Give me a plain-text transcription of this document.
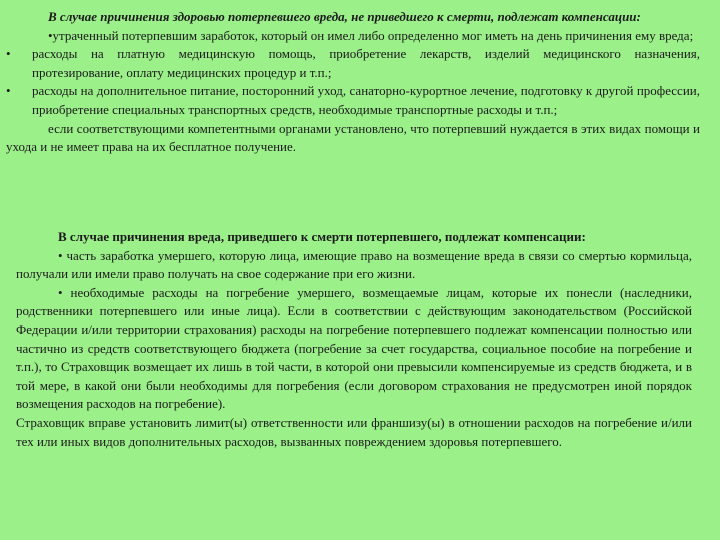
В случае причинения здоровью потерпевшего вреда, не приведшего к смерти, подлежат компенсации:

•утраченный потерпевшим заработок, который он имел либо определенно мог иметь на день причинения ему вреда;

• расходы на платную медицинскую помощь, приобретение лекарств, изделий медицинского назначения, протезирование, оплату медицинских процедур и т.п.;

• расходы на дополнительное питание, посторонний уход, санаторно-курортное лечение, подготовку к другой профессии, приобретение специальных транспортных средств, необходимые транспортные расходы и т.п.;

если соответствующими компетентными органами установлено, что потерпевший нуждается в этих видах помощи и ухода и не имеет права на их бесплатное получение.

В случае причинения вреда, приведшего к смерти потерпевшего, подлежат компенсации:

• часть заработка умершего, которую лица, имеющие право на возмещение вреда в связи со смертью кормильца, получали или имели право получать на свое содержание при его жизни.

• необходимые расходы на погребение умершего, возмещаемые лицам, которые их понесли (наследники, родственники потерпевшего или иные лица). Если в соответствии с действующим законодательством (Российской Федерации и/или территории страхования) расходы на погребение потерпевшего подлежат компенсации полностью или частично из средств соответствующего бюджета (погребение за счет государства, социальное пособие на погребение и т.п.), то Страховщик возмещает их лишь в той части, в которой они превысили компенсируемые из средств бюджета, и в той мере, в какой они были необходимы для погребения (если договором страхования не предусмотрен иной порядок возмещения расходов на погребение).

Страховщик вправе установить лимит(ы) ответственности или франшизу(ы) в отношении расходов на погребение и/или тех или иных видов дополнительных расходов, вызванных повреждением здоровья потерпевшего.
